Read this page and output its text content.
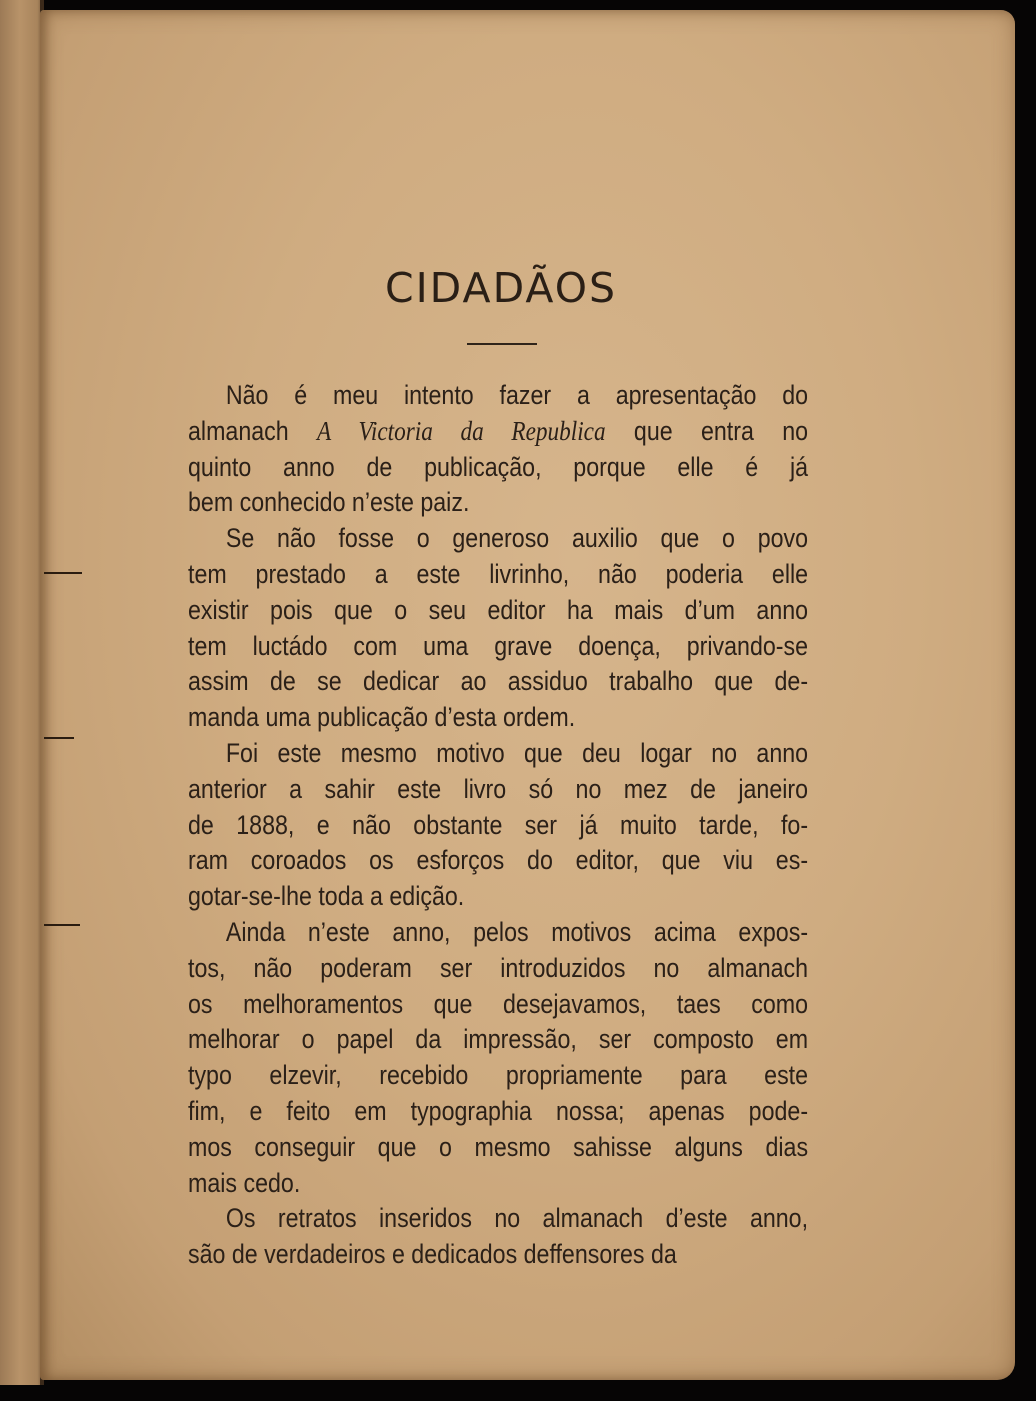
CIDADÃOS
Não é meu intento fazer a apresentação do
almanach A Victoria da Republica que entra no
quinto anno de publicação, porque elle é já
bem conhecido n’este paiz.
Se não fosse o generoso auxilio que o povo
tem prestado a este livrinho, não poderia elle
existir pois que o seu editor ha mais d’um anno
tem luctádo com uma grave doença, privando-se
assim de se dedicar ao assiduo trabalho que de-
manda uma publicação d’esta ordem.
Foi este mesmo motivo que deu logar no anno
anterior a sahir este livro só no mez de janeiro
de 1888, e não obstante ser já muito tarde, fo-
ram coroados os esforços do editor, que viu es-
gotar-se-lhe toda a edição.
Ainda n’este anno, pelos motivos acima expos-
tos, não poderam ser introduzidos no almanach
os melhoramentos que desejavamos, taes como
melhorar o papel da impressão, ser composto em
typo elzevir, recebido propriamente para este
fim, e feito em typographia nossa; apenas pode-
mos conseguir que o mesmo sahisse alguns dias
mais cedo.
Os retratos inseridos no almanach d’este anno,
são de verdadeiros e dedicados deffensores da
